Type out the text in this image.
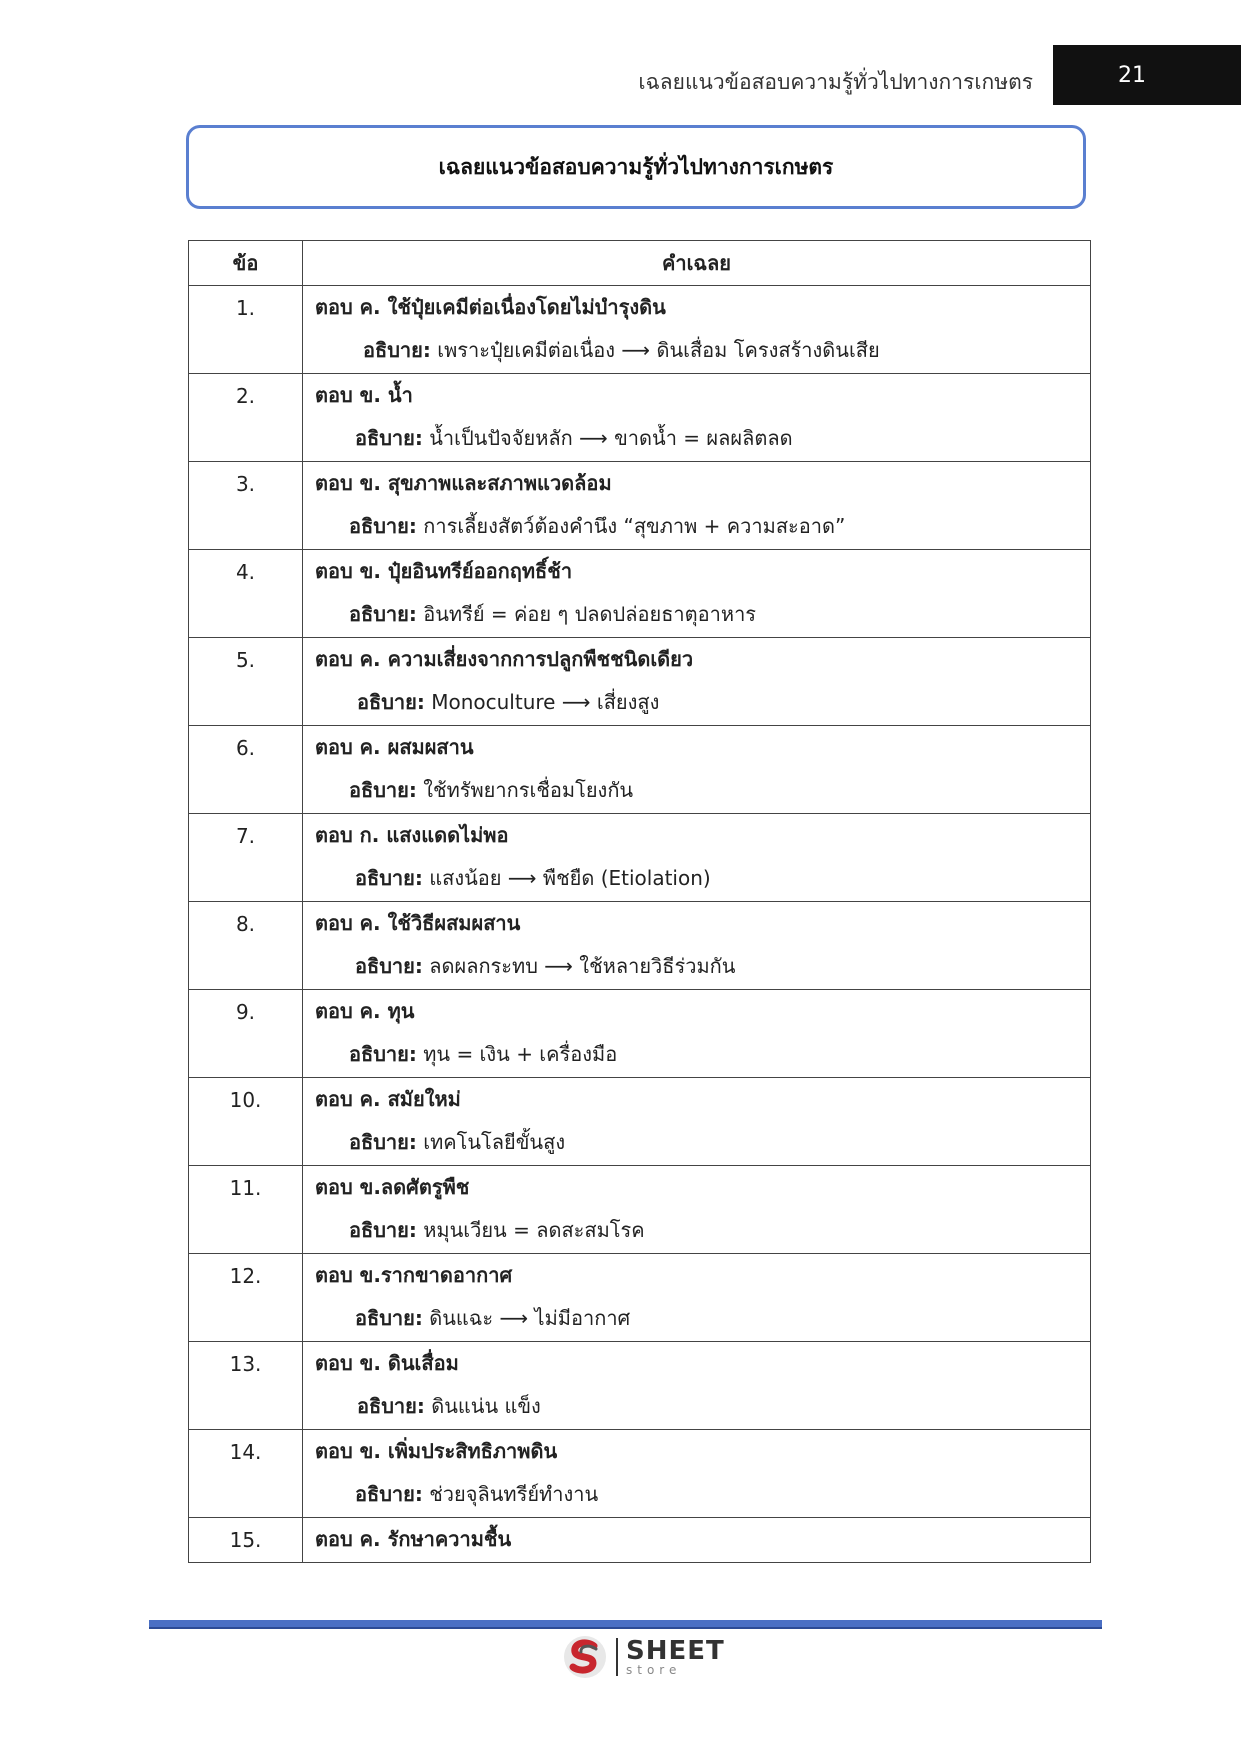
เฉลยแนวข้อสอบความรู้ทั่วไปทางการเกษตร	21
เฉลยแนวข้อสอบความรู้ทั่วไปทางการเกษตร
ข้อ	คำเฉลย
1.	ตอบ ค. ใช้ปุ๋ยเคมีต่อเนื่องโดยไม่บำรุงดิน
อธิบาย: เพราะปุ๋ยเคมีต่อเนื่อง ⟶ ดินเสื่อม โครงสร้างดินเสีย

2.	ตอบ ข. น้ำ
อธิบาย: น้ำเป็นปัจจัยหลัก ⟶ ขาดน้ำ = ผลผลิตลด

3.	ตอบ ข. สุขภาพและสภาพแวดล้อม
อธิบาย: การเลี้ยงสัตว์ต้องคำนึง “สุขภาพ + ความสะอาด”

4.	ตอบ ข. ปุ๋ยอินทรีย์ออกฤทธิ์ช้า
อธิบาย: อินทรีย์ = ค่อย ๆ ปลดปล่อยธาตุอาหาร

5.	ตอบ ค. ความเสี่ยงจากการปลูกพืชชนิดเดียว
อธิบาย: Monoculture ⟶ เสี่ยงสูง

6.	ตอบ ค. ผสมผสาน
อธิบาย: ใช้ทรัพยากรเชื่อมโยงกัน

7.	ตอบ ก. แสงแดดไม่พอ
อธิบาย: แสงน้อย ⟶ พืชยืด (Etiolation)

8.	ตอบ ค. ใช้วิธีผสมผสาน
อธิบาย: ลดผลกระทบ ⟶ ใช้หลายวิธีร่วมกัน

9.	ตอบ ค. ทุน
อธิบาย: ทุน = เงิน + เครื่องมือ

10.	ตอบ ค. สมัยใหม่
อธิบาย: เทคโนโลยีขั้นสูง

11.	ตอบ ข.ลดศัตรูพืช
อธิบาย: หมุนเวียน = ลดสะสมโรค

12.	ตอบ ข.รากขาดอากาศ
อธิบาย: ดินแฉะ ⟶ ไม่มีอากาศ

13.	ตอบ ข. ดินเสื่อม
อธิบาย: ดินแน่น แข็ง

14.	ตอบ ข. เพิ่มประสิทธิภาพดิน
อธิบาย: ช่วยจุลินทรีย์ทำงาน

15.	ตอบ ค. รักษาความชื้น
SHEET
store
